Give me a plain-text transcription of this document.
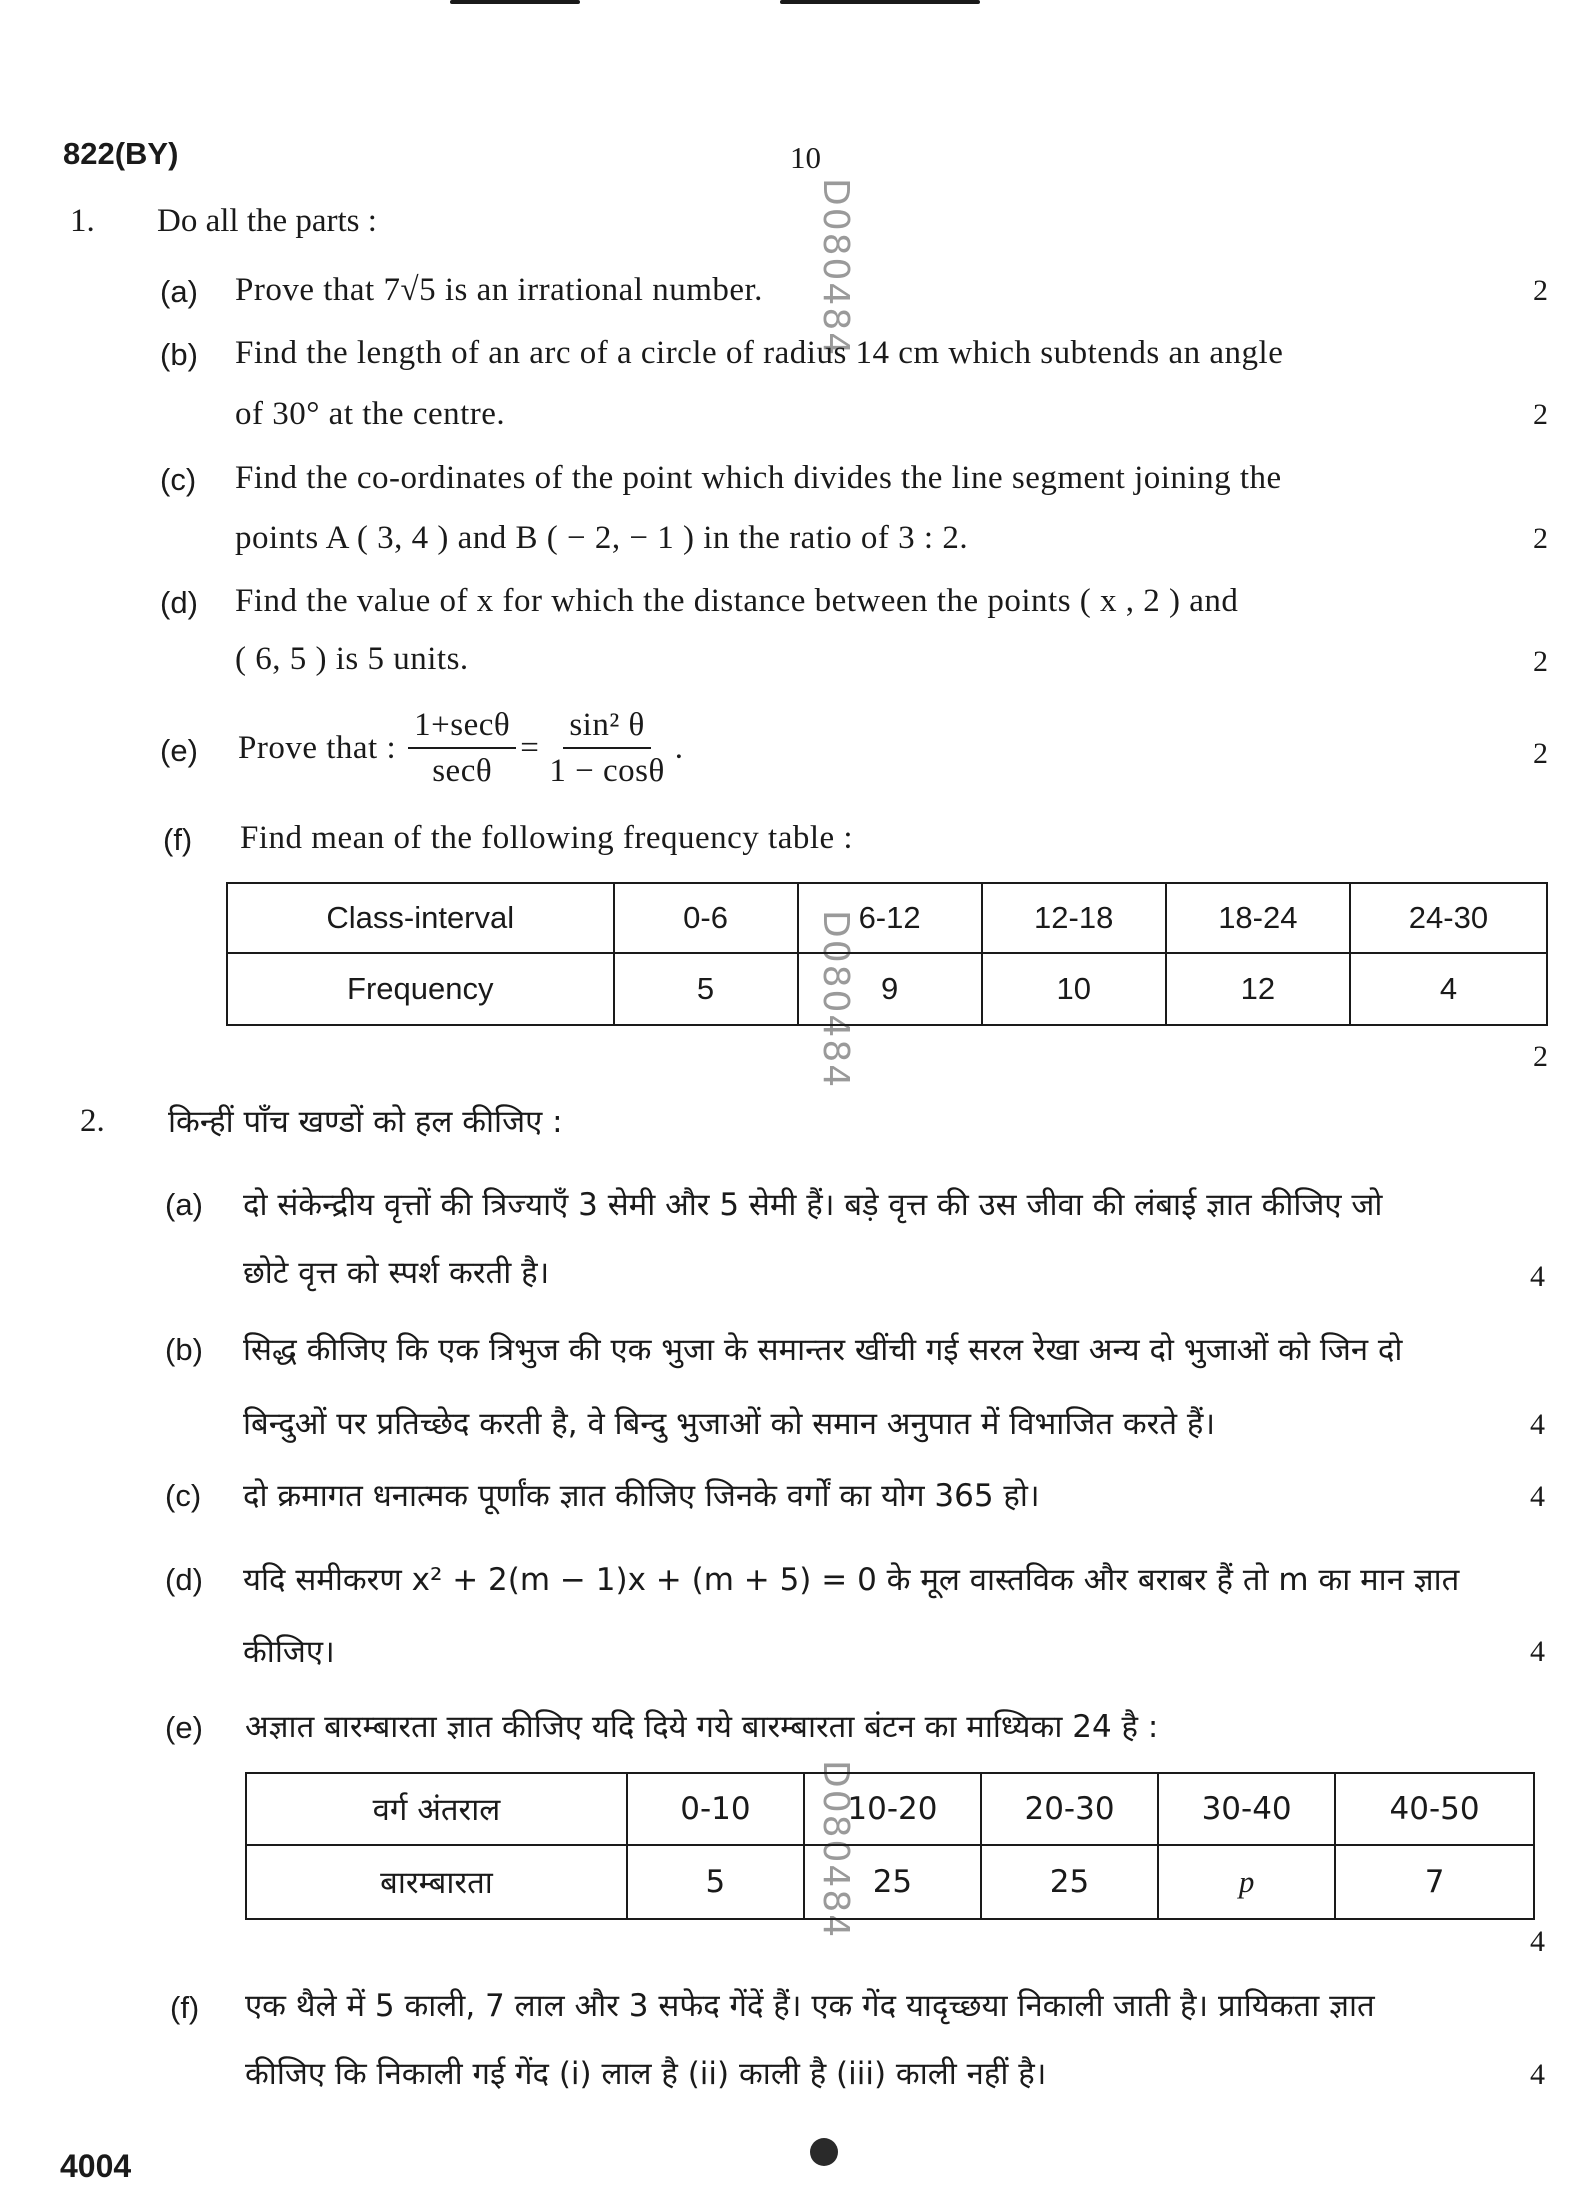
822(BY)	10
D080484
D080484
D080484
1. Do all the parts :
(a) Prove that 7√5 is an irrational number.	2
(b) Find the length of an arc of a circle of radius 14 cm which subtends an angle
of 30° at the centre.	2
(c) Find the co-ordinates of the point which divides the line segment joining the
points A ( 3, 4 ) and B ( − 2, − 1 ) in the ratio of 3 : 2.	2
(d) Find the value of x for which the distance between the points ( x , 2 ) and
( 6, 5 ) is 5 units.	2
(e) Prove that : $\frac{1+\sec\theta}{\sec\theta} = \frac{\text{sin² θ}}{1 - \cos\theta}$ .	2
(f) Find mean of the following frequency table :
Class-interval	0-6	6-12	12-18	18-24	24-30
Frequency	5	9	10	12	4
2
2. किन्हीं पाँच खण्डों को हल कीजिए :
(a) दो संकेन्द्रीय वृत्तों की त्रिज्याएँ 3 सेमी और 5 सेमी हैं। बड़े वृत्त की उस जीवा की लंबाई ज्ञात कीजिए जो
छोटे वृत्त को स्पर्श करती है।	4
(b) सिद्ध कीजिए कि एक त्रिभुज की एक भुजा के समान्तर खींची गई सरल रेखा अन्य दो भुजाओं को जिन दो
बिन्दुओं पर प्रतिच्छेद करती है, वे बिन्दु भुजाओं को समान अनुपात में विभाजित करते हैं।	4
(c) दो क्रमागत धनात्मक पूर्णांक ज्ञात कीजिए जिनके वर्गों का योग 365 हो।	4
(d) यदि समीकरण x² + 2(m − 1)x + (m + 5) = 0 के मूल वास्तविक और बराबर हैं तो m का मान ज्ञात
कीजिए।	4
(e) अज्ञात बारम्बारता ज्ञात कीजिए यदि दिये गये बारम्बारता बंटन का माध्यिका 24 है :
वर्ग अंतराल	0-10	10-20	20-30	30-40	40-50
बारम्बारता	5	25	25	p	7
4
(f) एक थैले में 5 काली, 7 लाल और 3 सफेद गेंदें हैं। एक गेंद यादृच्छया निकाली जाती है। प्रायिकता ज्ञात
कीजिए कि निकाली गई गेंद (i) लाल है (ii) काली है (iii) काली नहीं है।	4
4004
